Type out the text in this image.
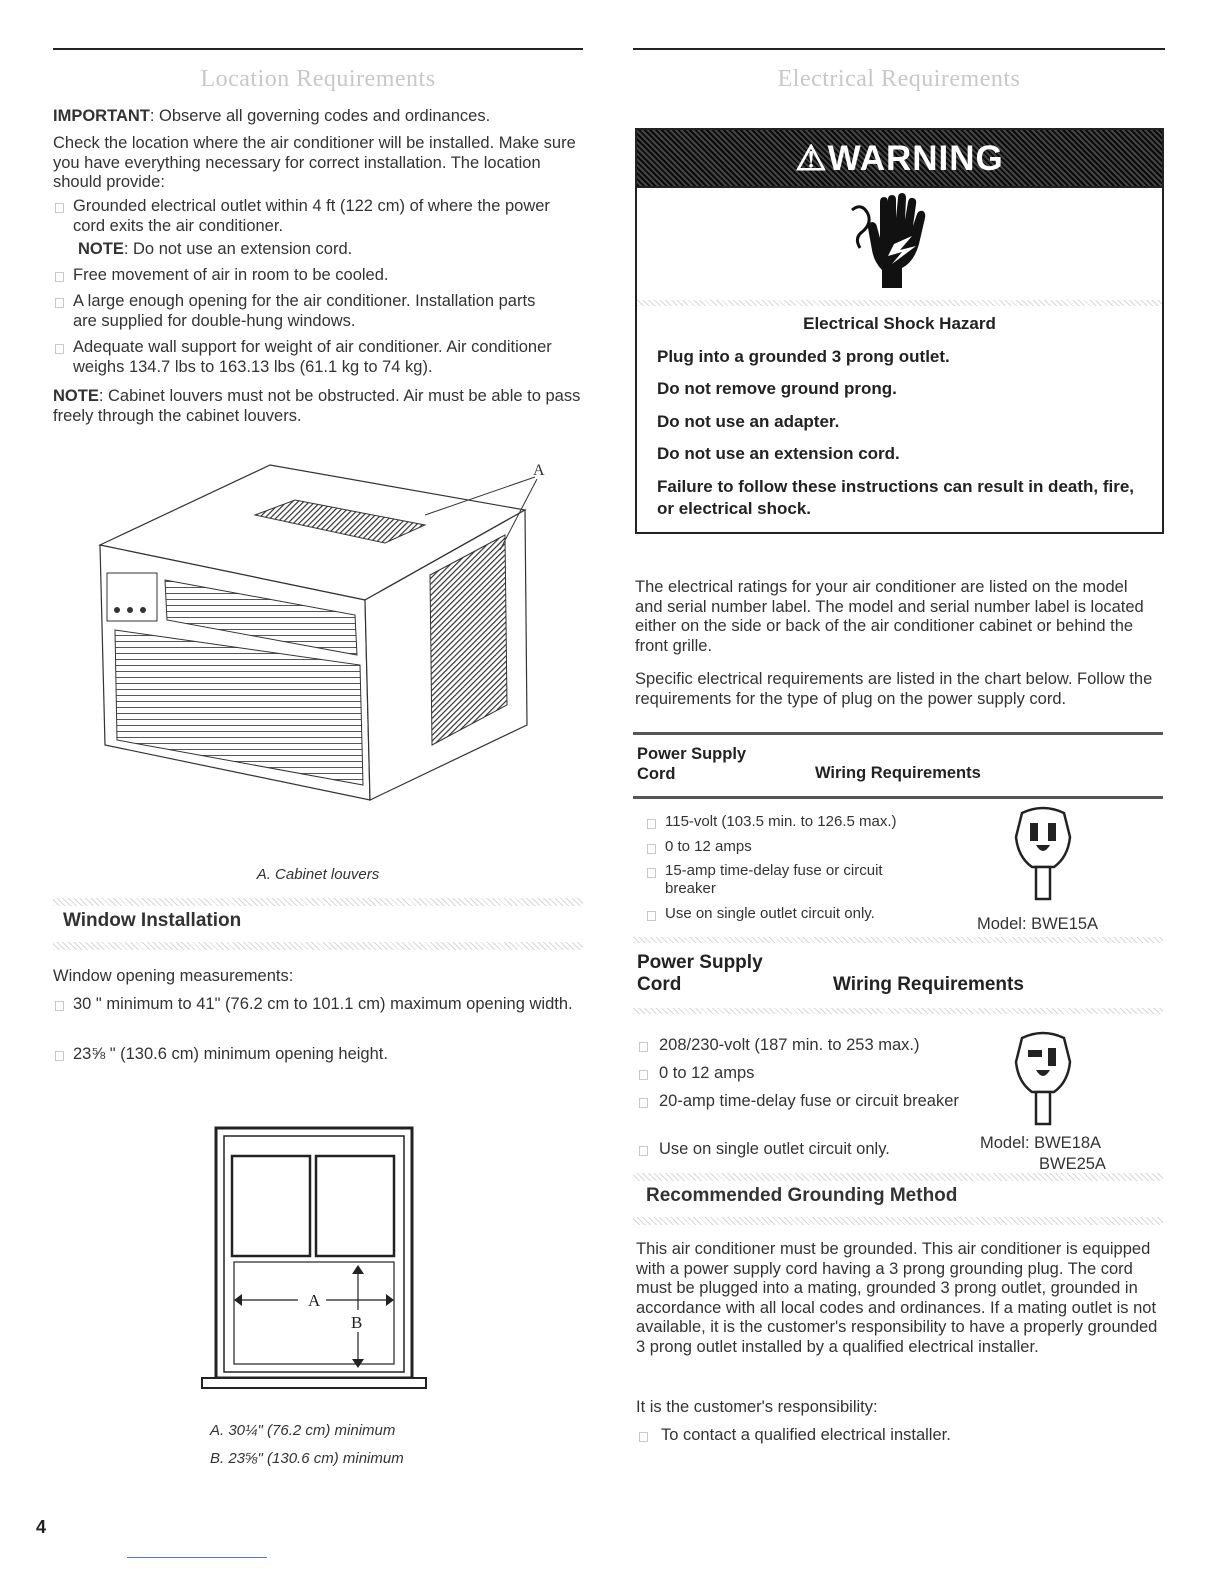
Location Requirements
IMPORTANT: Observe all governing codes and ordinances.

Check the location where the air conditioner will be installed. Make sure you have everything necessary for correct installation. The location should provide:

Grounded electrical outlet within 4 ft (122 cm) of where the power cord exits the air conditioner.
NOTE: Do not use an extension cord.
Free movement of air in room to be cooled.
A large enough opening for the air conditioner. Installation parts are supplied for double-hung windows.
Adequate wall support for weight of air conditioner. Air conditioner weighs 134.7 lbs to 163.13 lbs (61.1 kg to 74 kg).
NOTE: Cabinet louvers must not be obstructed. Air must be able to pass freely through the cabinet louvers.
A
A. Cabinet louvers
Window Installation

Window opening measurements:

30 " minimum to 41" (76.2 cm to 101.1 cm) maximum opening width.
23⅝ " (130.6 cm) minimum opening height.
A
B
A. 30¼" (76.2 cm) minimum
B. 23⅝" (130.6 cm) minimum
4
Electrical Requirements
⚠WARNING
Electrical Shock Hazard
Plug into a grounded 3 prong outlet.
Do not remove ground prong.
Do not use an adapter.
Do not use an extension cord.
Failure to follow these instructions can result in death, fire, or electrical shock.

The electrical ratings for your air conditioner are listed on the model and serial number label. The model and serial number label is located either on the side or back of the air conditioner cabinet or behind the front grille.

Specific electrical requirements are listed in the chart below. Follow the requirements for the type of plug on the power supply cord.

Power Supply
Cord	Wiring Requirements
115-volt (103.5 min. to 126.5 max.)
0 to 12 amps
15-amp time-delay fuse or circuit breaker
Use on single outlet circuit only.
Model: BWE15A
Power Supply
Cord	Wiring Requirements
208/230-volt (187 min. to 253 max.)
0 to 12 amps
20-amp time-delay fuse or circuit breaker
Use on single outlet circuit only.	Model: BWE18A
BWE25A
Recommended Grounding Method

This air conditioner must be grounded. This air conditioner is equipped with a power supply cord having a 3 prong grounding plug. The cord must be plugged into a mating, grounded 3 prong outlet, grounded in accordance with all local codes and ordinances. If a mating outlet is not available, it is the customer's responsibility to have a properly grounded 3 prong outlet installed by a qualified electrical installer.

It is the customer's responsibility:

To contact a qualified electrical installer.
